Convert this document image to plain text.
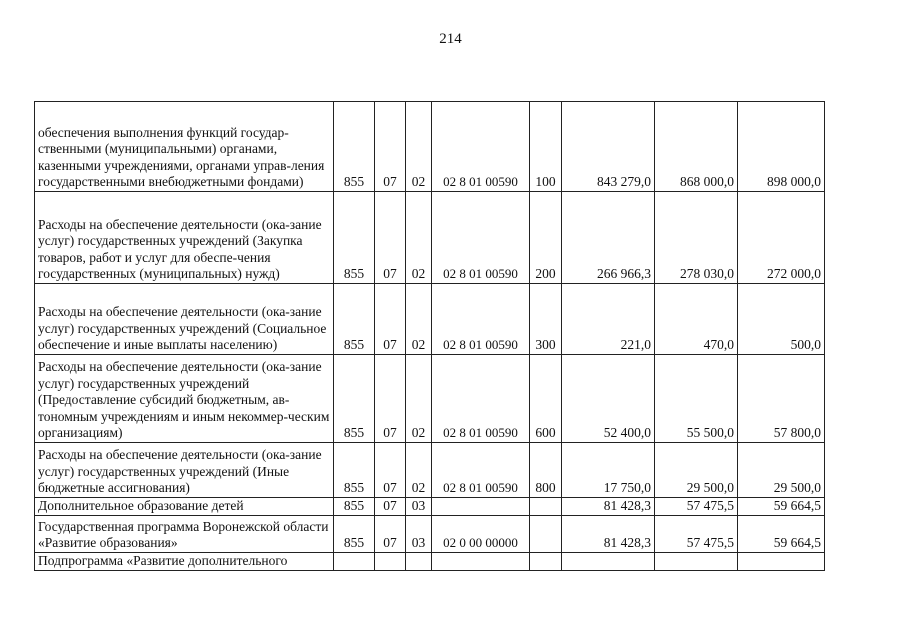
214
обеспечения выполнения функций государ-ственными (муниципальными) органами, казенными учреждениями, органами управ-ления государственными внебюджетными фондами)	855	07	02	02 8 01 00590	100	843 279,0	868 000,0	898 000,0
Расходы на обеспечение деятельности (ока-зание услуг) государственных учреждений (Закупка товаров, работ и услуг для обеспе-чения государственных (муниципальных) нужд)	855	07	02	02 8 01 00590	200	266 966,3	278 030,0	272 000,0
Расходы на обеспечение деятельности (ока-зание услуг) государственных учреждений (Социальное обеспечение и иные выплаты населению)	855	07	02	02 8 01 00590	300	221,0	470,0	500,0
Расходы на обеспечение деятельности (ока-зание услуг) государственных учреждений (Предоставление субсидий бюджетным, ав-тономным учреждениям и иным некоммер-ческим организациям)	855	07	02	02 8 01 00590	600	52 400,0	55 500,0	57 800,0
Расходы на обеспечение деятельности (ока-зание услуг) государственных учреждений (Иные бюджетные ассигнования)	855	07	02	02 8 01 00590	800	17 750,0	29 500,0	29 500,0
Дополнительное образование детей	855	07	03			81 428,3	57 475,5	59 664,5
Государственная программа Воронежской области «Развитие образования»	855	07	03	02 0 00 00000		81 428,3	57 475,5	59 664,5
Подпрограмма «Развитие дополнительного								
